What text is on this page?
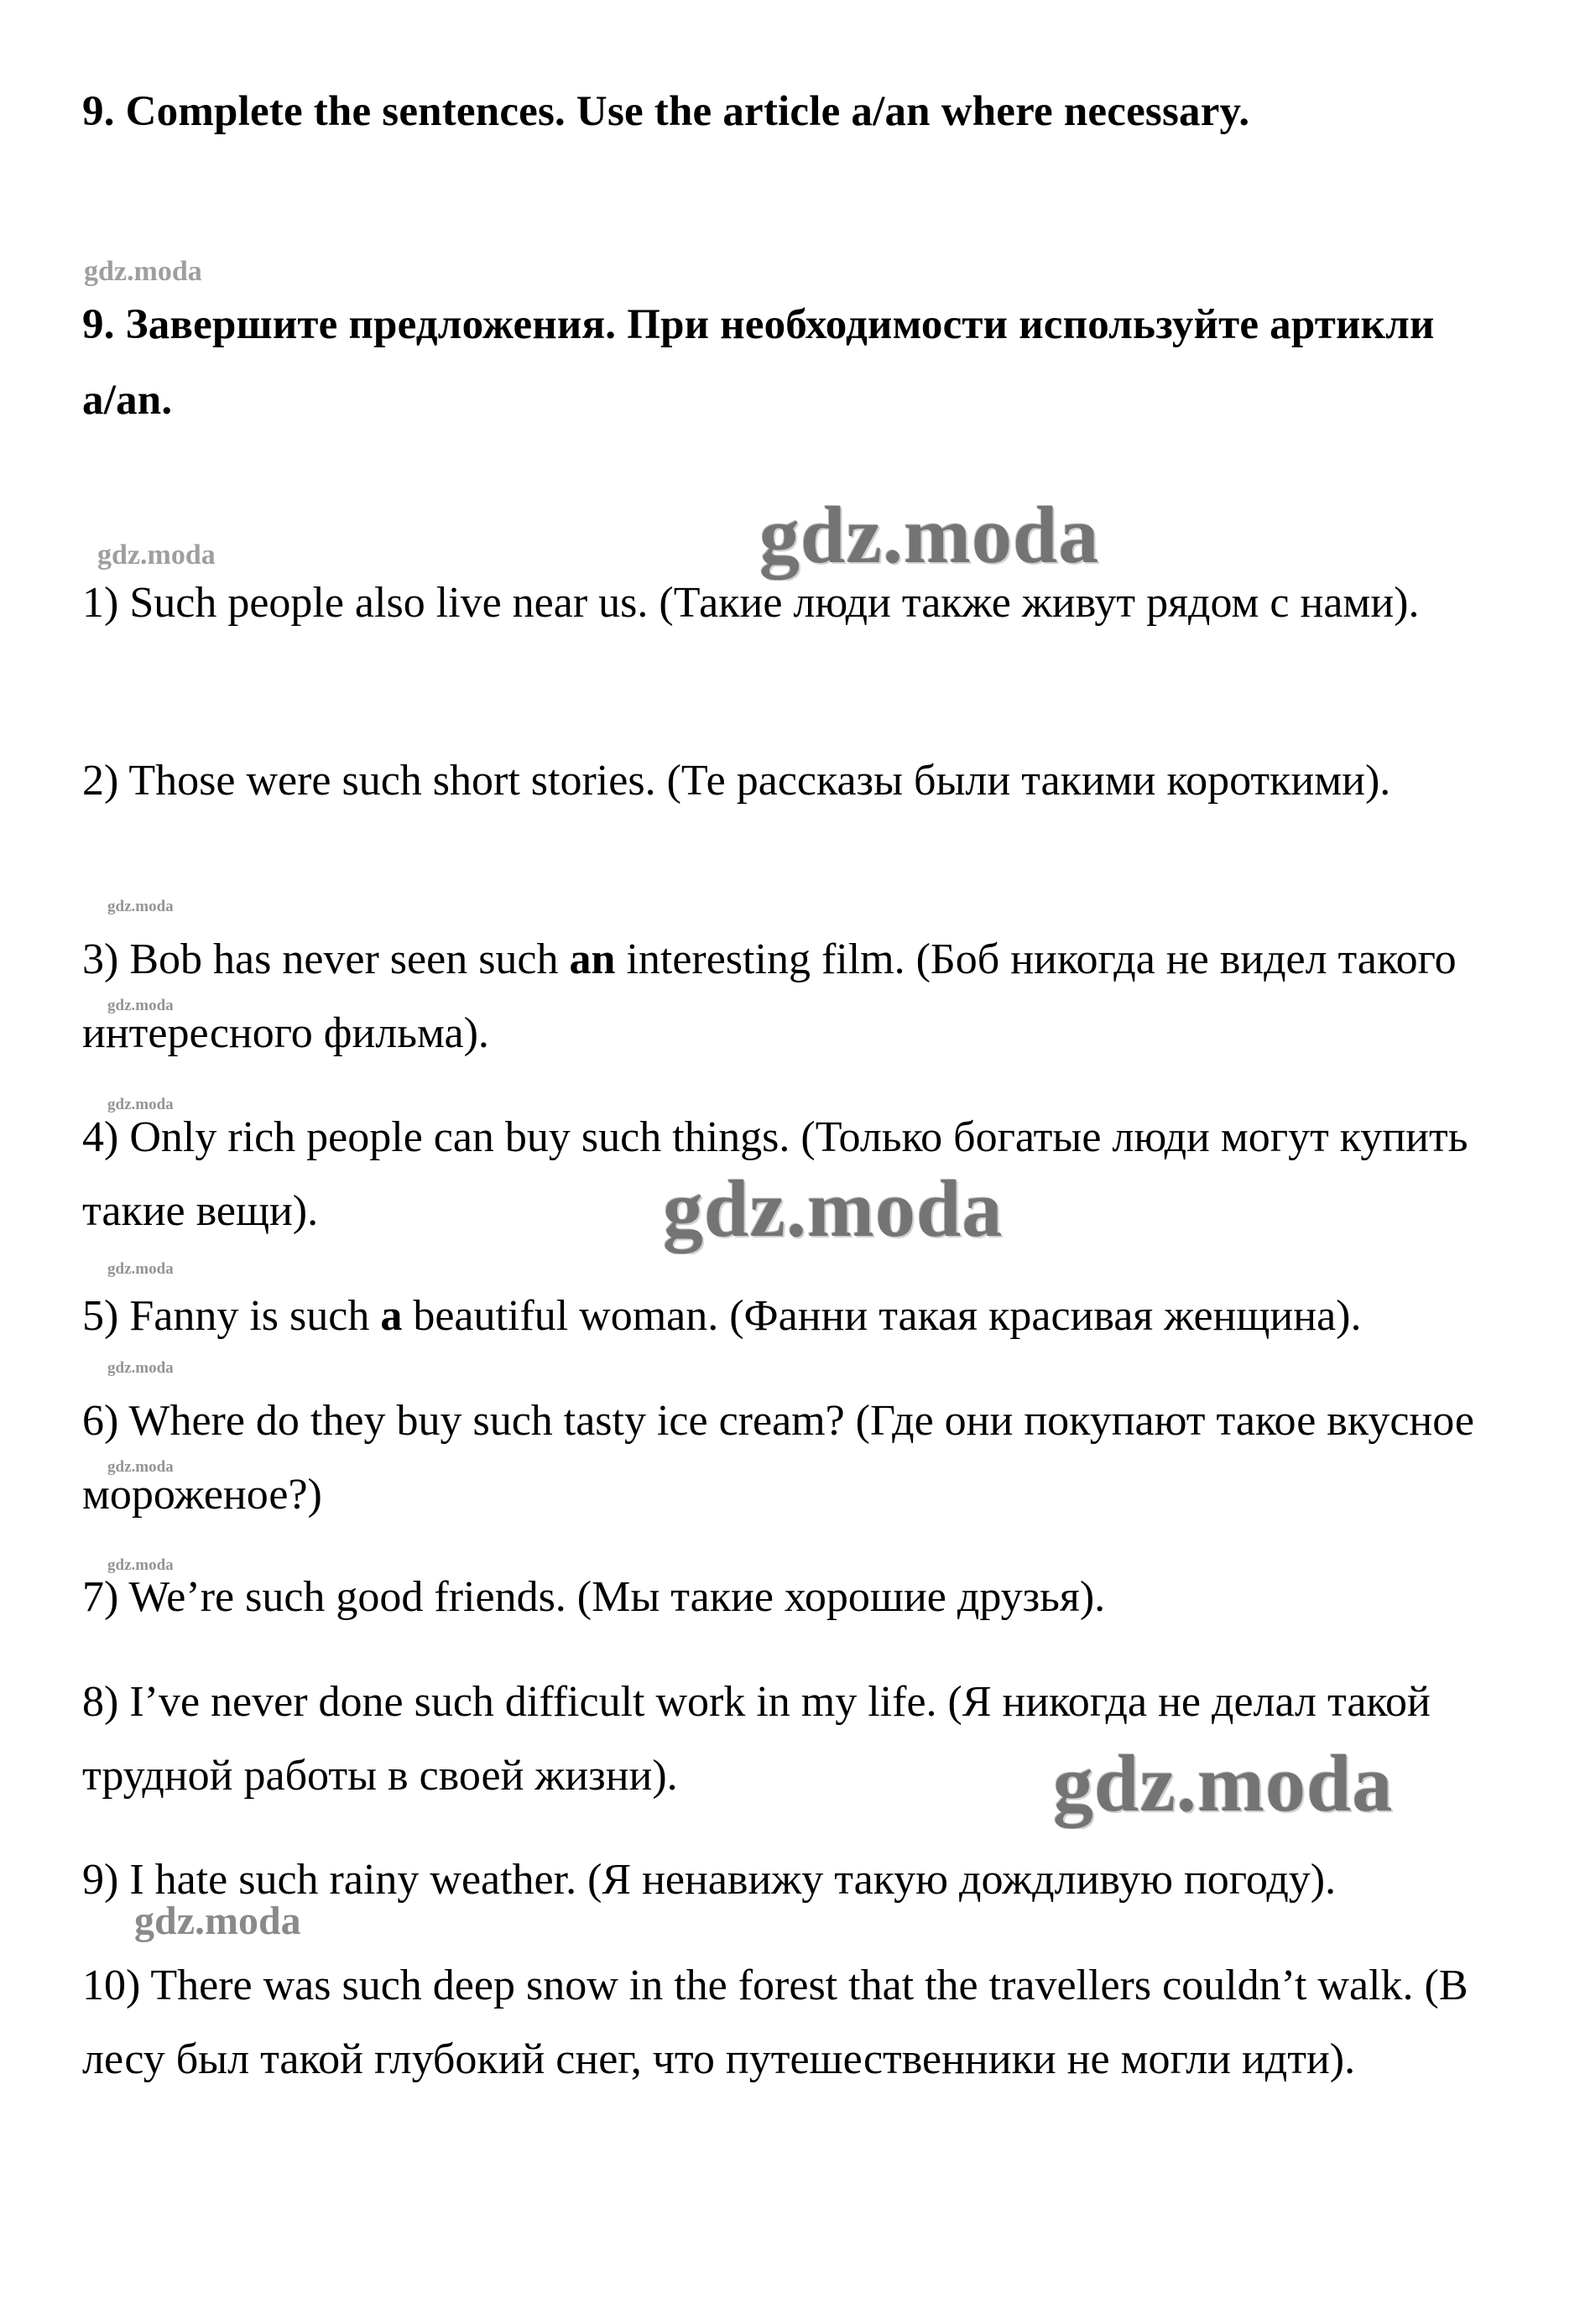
9. Complete the sentences. Use the article a/an where necessary.
gdz.moda
9. Завершите предложения. При необходимости используйте артикли a/an.
gdz.moda	gdz.moda
1) Such people also live near us. (Такие люди также живут рядом с нами).
2) Those were such short stories. (Те рассказы были такими короткими).
gdz.moda
3) Bob has never seen such an interesting film. (Боб никогда не видел такого интересного фильма).
gdz.moda
gdz.moda
4) Only rich people can buy such things. (Только богатые люди могут купить такие вещи).	gdz.moda
gdz.moda
5) Fanny is such a beautiful woman. (Фанни такая красивая женщина).
gdz.moda
6) Where do they buy such tasty ice cream? (Где они покупают такое вкусное мороженое?)
gdz.moda
gdz.moda
7) We’re such good friends. (Мы такие хорошие друзья).
8) I’ve never done such difficult work in my life. (Я никогда не делал такой трудной работы в своей жизни).	gdz.moda
9) I hate such rainy weather. (Я ненавижу такую дождливую погоду).
gdz.moda
10) There was such deep snow in the forest that the travellers couldn’t walk. (В лесу был такой глубокий снег, что путешественники не могли идти).
